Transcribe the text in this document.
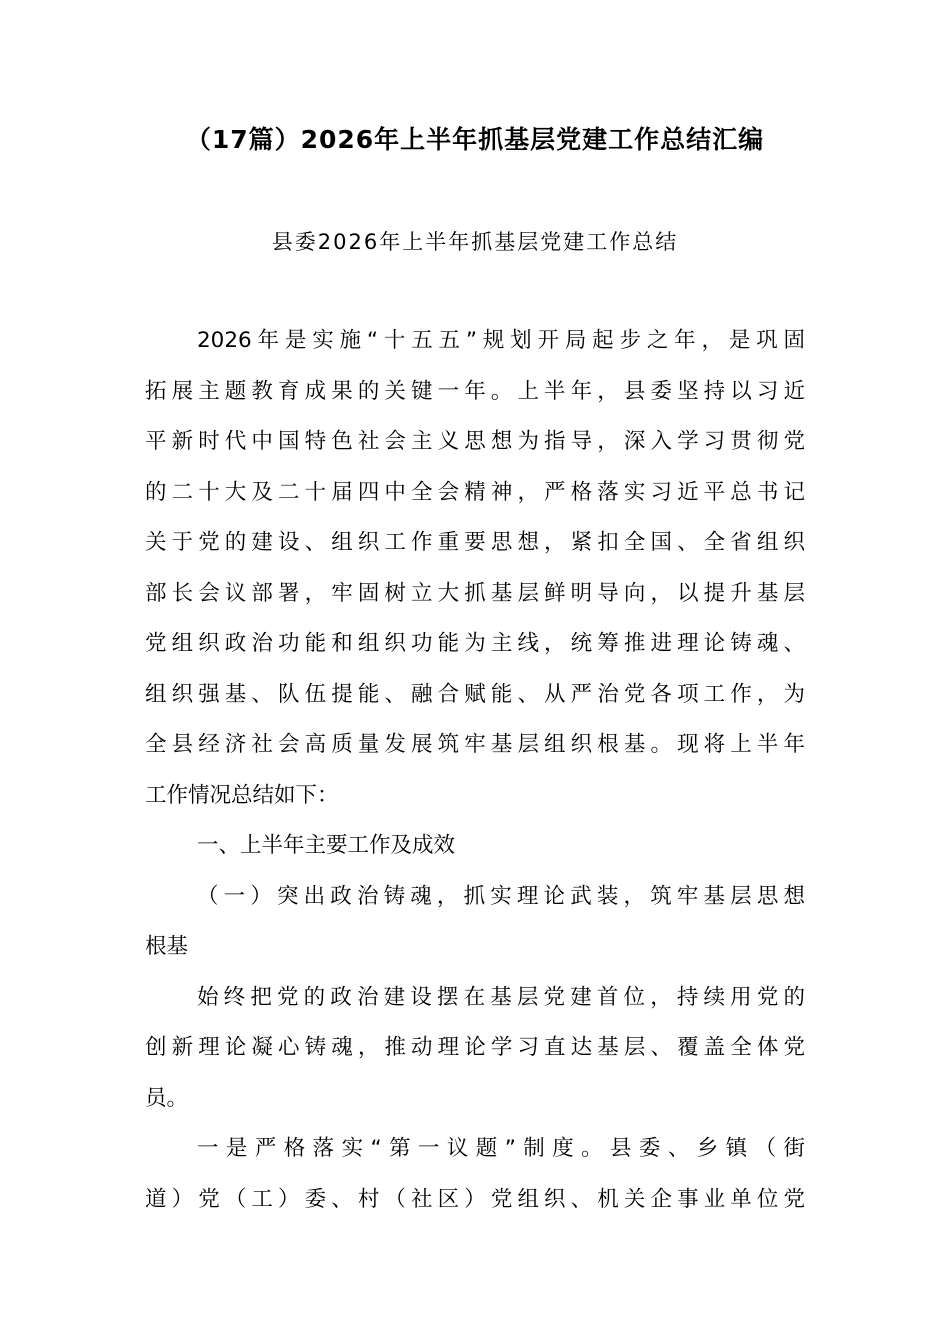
（17篇）2026年上半年抓基层党建工作总结汇编
县委2026年上半年抓基层党建工作总结
2026年是实施“十五五”规划开局起步之年，是巩固
拓展主题教育成果的关键一年。上半年，县委坚持以习近
平新时代中国特色社会主义思想为指导，深入学习贯彻党
的二十大及二十届四中全会精神，严格落实习近平总书记
关于党的建设、组织工作重要思想，紧扣全国、全省组织
部长会议部署，牢固树立大抓基层鲜明导向，以提升基层
党组织政治功能和组织功能为主线，统筹推进理论铸魂、
组织强基、队伍提能、融合赋能、从严治党各项工作，为
全县经济社会高质量发展筑牢基层组织根基。现将上半年
工作情况总结如下：
一、上半年主要工作及成效
（一）突出政治铸魂，抓实理论武装，筑牢基层思想
根基
始终把党的政治建设摆在基层党建首位，持续用党的
创新理论凝心铸魂，推动理论学习直达基层、覆盖全体党
员。
一是严格落实“第一议题”制度。县委、乡镇（街
道）党（工）委、村（社区）党组织、机关企事业单位党
